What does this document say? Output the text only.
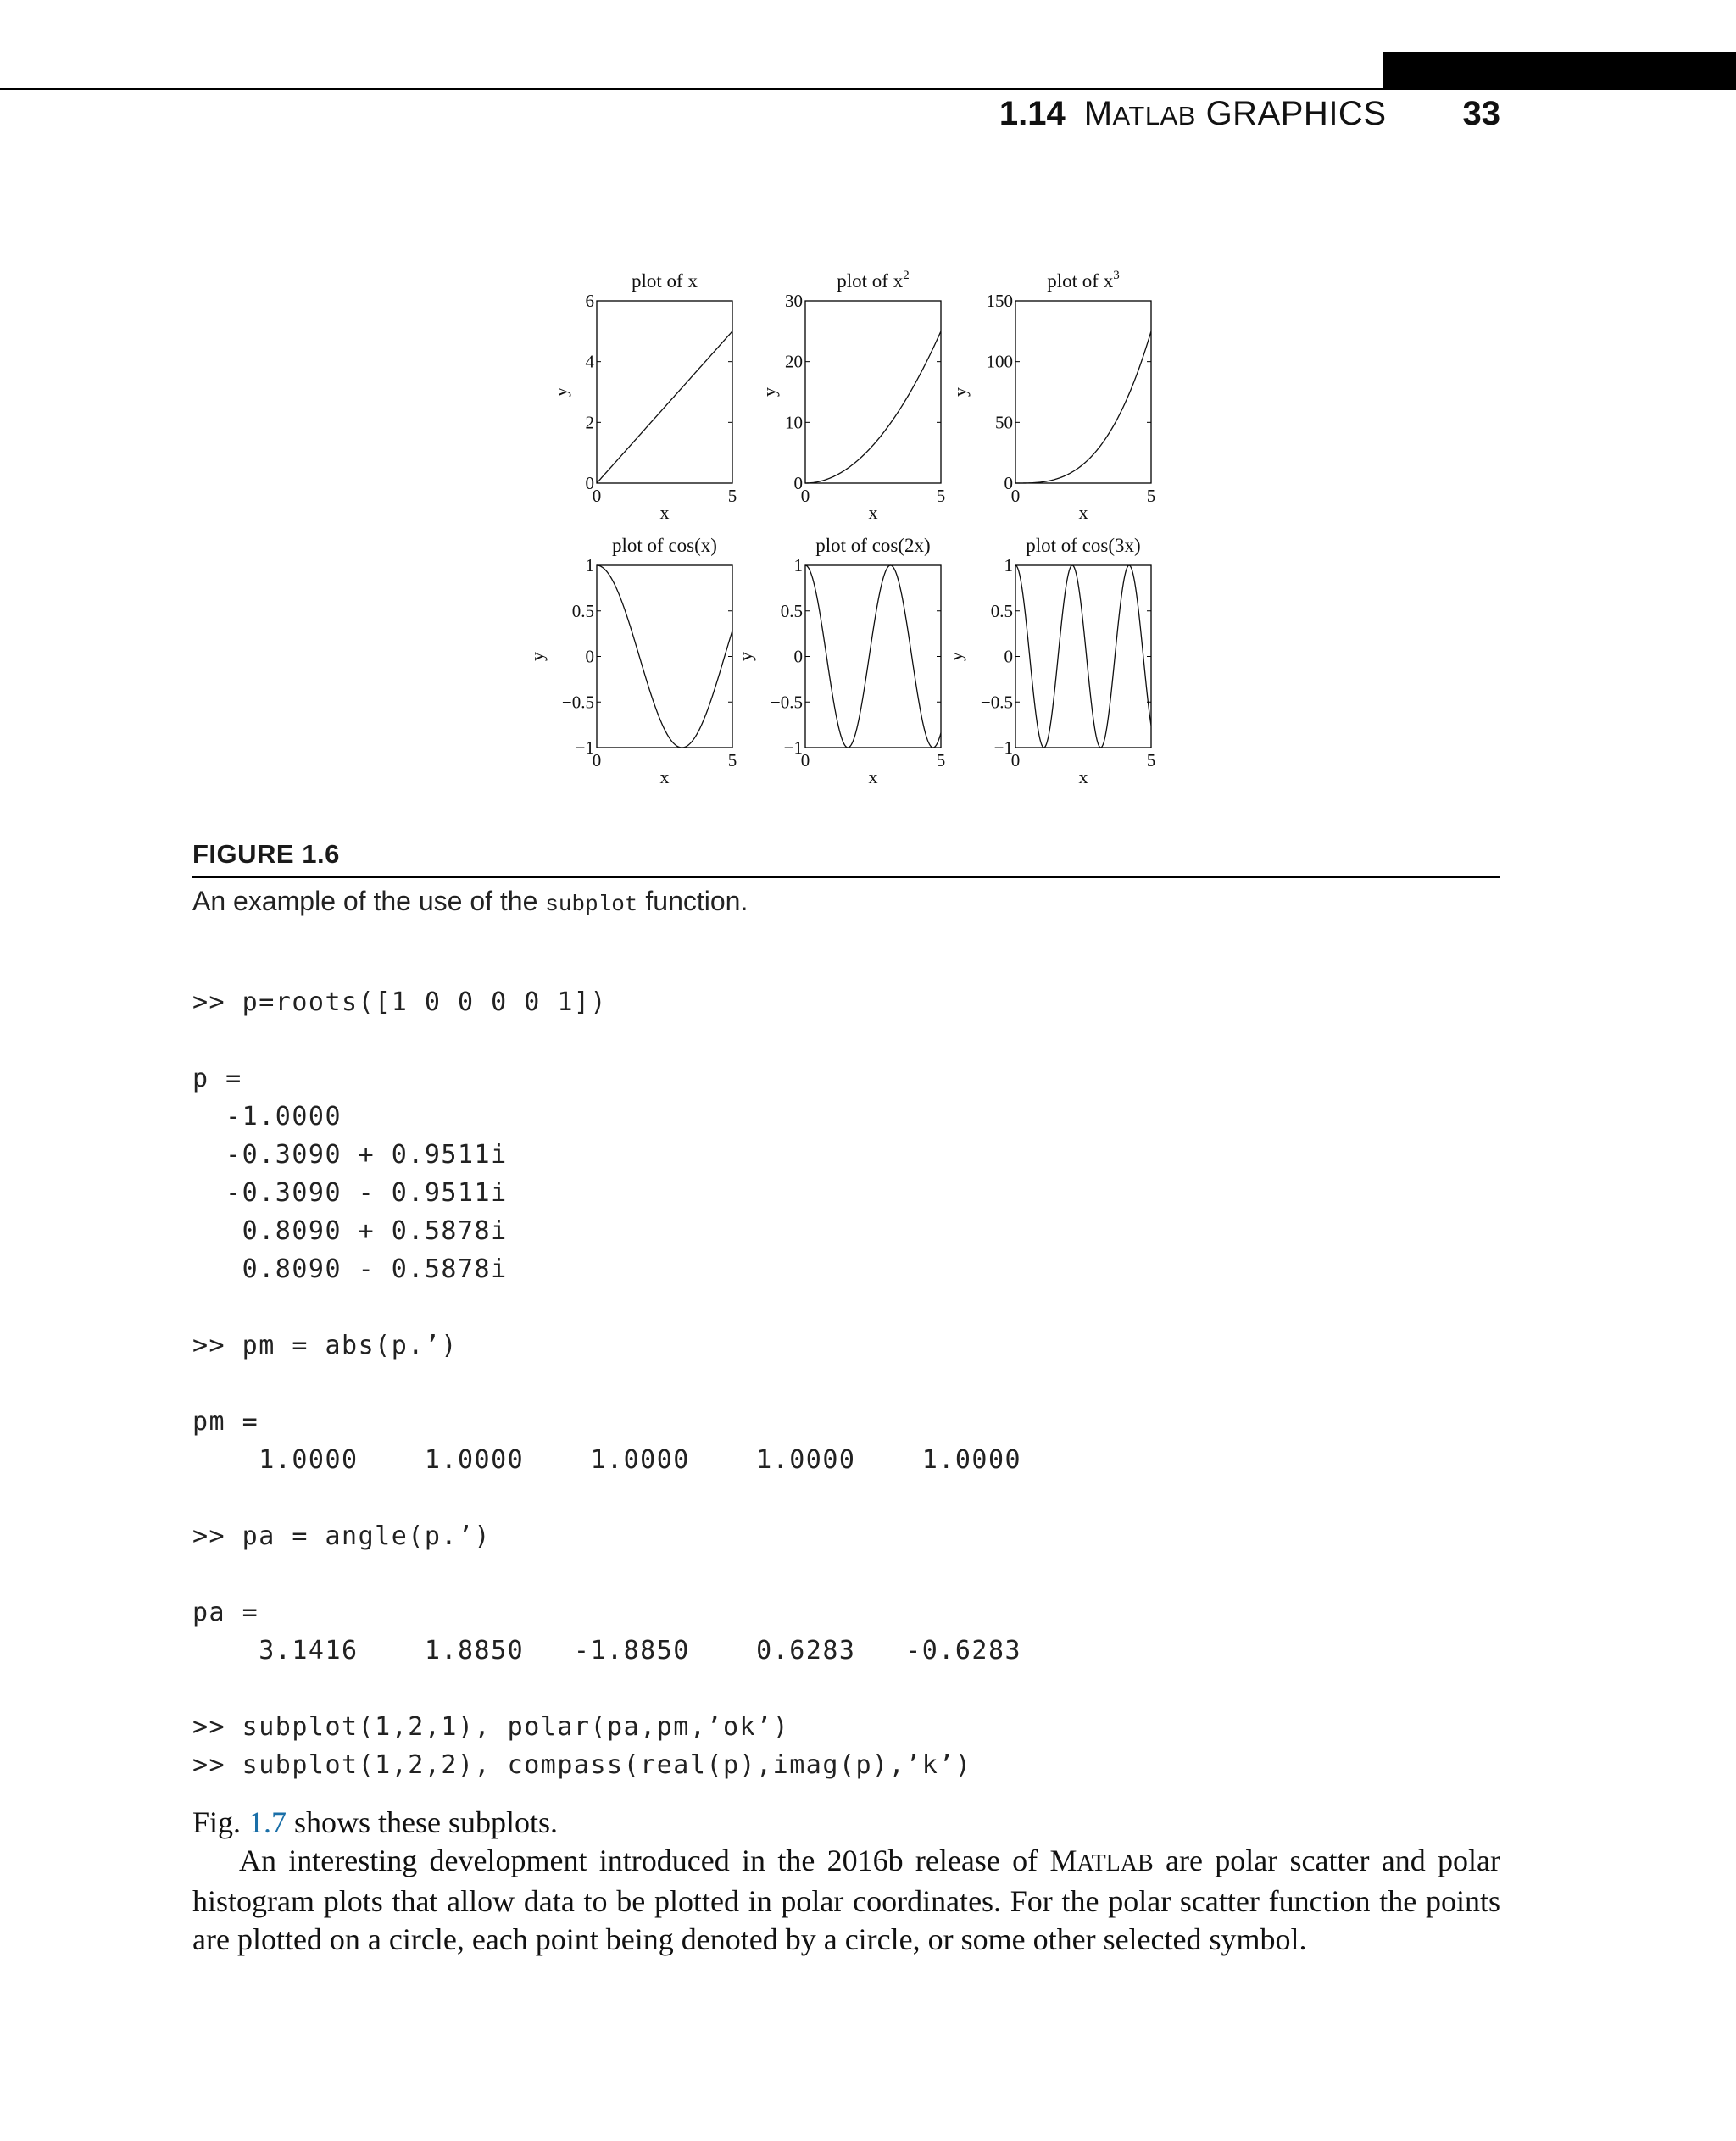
1.14 MATLAB GRAPHICS 33
0
2
4
6
0	5
x
y
plot of x
0
10
20
30
0	5
x
y
plot of $x^2$
0
50
100
150
0	5
x
y
plot of $x^3$
−1
−0.5
0
0.5
1
0	5
x
y
plot of cos(x)
−1
−0.5
0
0.5
1
0	5
x
y
plot of cos(2x)
−1
−0.5
0
0.5
1
0	5
x
y
plot of cos(3x)
FIGURE 1.6
An example of the use of the subplot function.
>> p=roots([1 0 0 0 0 1])
p =
-1.0000
-0.3090 + 0.9511i
-0.3090 - 0.9511i
0.8090 + 0.5878i
0.8090 - 0.5878i
>> pm = abs(p.’)
pm =
1.0000    1.0000    1.0000    1.0000    1.0000
>> pa = angle(p.’)
pa =
3.1416    1.8850   -1.8850    0.6283   -0.6283
>> subplot(1,2,1), polar(pa,pm,’ok’)
>> subplot(1,2,2), compass(real(p),imag(p),’k’)

Fig. 1.7 shows these subplots.

An interesting development introduced in the 2016b release of MATLAB are polar scatter and polar histogram plots that allow data to be plotted in polar coordinates. For the polar scatter function the points are plotted on a circle, each point being denoted by a circle, or some other selected symbol.
